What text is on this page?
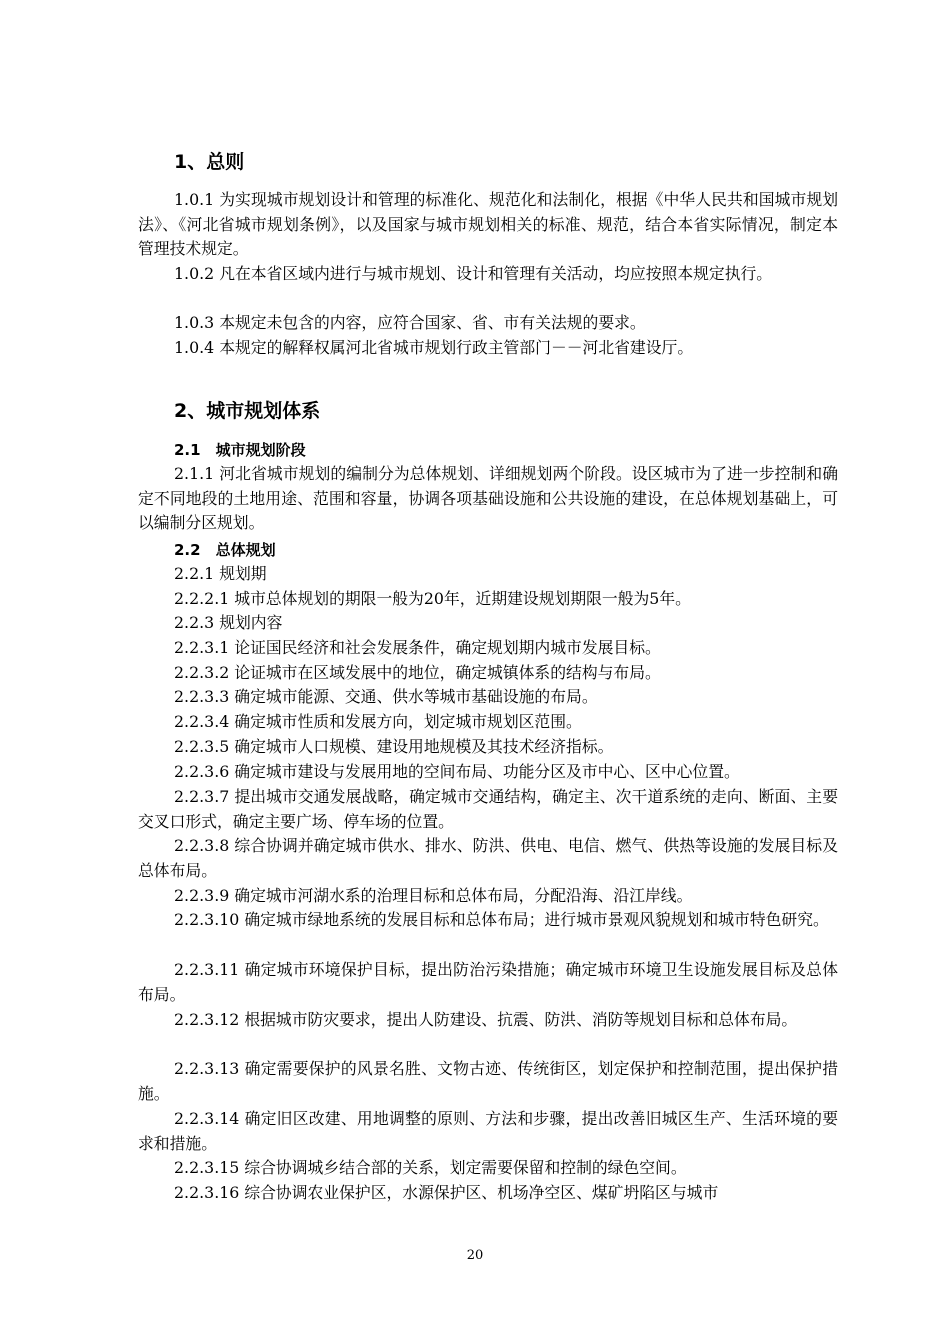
1、总则

1.0.1 为实现城市规划设计和管理的标准化、规范化和法制化，根据《中华人民共和国城市规划法》、《河北省城市规划条例》，以及国家与城市规划相关的标准、规范，结合本省实际情况，制定本管理技术规定。

1.0.2 凡在本省区域内进行与城市规划、设计和管理有关活动，均应按照本规定执行。

1.0.3 本规定未包含的内容，应符合国家、省、市有关法规的要求。

1.0.4 本规定的解释权属河北省城市规划行政主管部门－－河北省建设厅。

2、城市规划体系
2.1　城市规划阶段

2.1.1 河北省城市规划的编制分为总体规划、详细规划两个阶段。设区城市为了进一步控制和确定不同地段的土地用途、范围和容量，协调各项基础设施和公共设施的建设，在总体规划基础上，可以编制分区规划。

2.2　总体规划

2.2.1 规划期

2.2.2.1 城市总体规划的期限一般为20年，近期建设规划期限一般为5年。

2.2.3 规划内容

2.2.3.1 论证国民经济和社会发展条件，确定规划期内城市发展目标。

2.2.3.2 论证城市在区域发展中的地位，确定城镇体系的结构与布局。

2.2.3.3 确定城市能源、交通、供水等城市基础设施的布局。

2.2.3.4 确定城市性质和发展方向，划定城市规划区范围。

2.2.3.5 确定城市人口规模、建设用地规模及其技术经济指标。

2.2.3.6 确定城市建设与发展用地的空间布局、功能分区及市中心、区中心位置。

2.2.3.7 提出城市交通发展战略，确定城市交通结构，确定主、次干道系统的走向、断面、主要交叉口形式，确定主要广场、停车场的位置。

2.2.3.8 综合协调并确定城市供水、排水、防洪、供电、电信、燃气、供热等设施的发展目标及总体布局。

2.2.3.9 确定城市河湖水系的治理目标和总体布局，分配沿海、沿江岸线。

2.2.3.10 确定城市绿地系统的发展目标和总体布局；进行城市景观风貌规划和城市特色研究。

2.2.3.11 确定城市环境保护目标，提出防治污染措施；确定城市环境卫生设施发展目标及总体布局。

2.2.3.12 根据城市防灾要求，提出人防建设、抗震、防洪、消防等规划目标和总体布局。

2.2.3.13 确定需要保护的风景名胜、文物古迹、传统街区，划定保护和控制范围，提出保护措施。

2.2.3.14 确定旧区改建、用地调整的原则、方法和步骤，提出改善旧城区生产、生活环境的要求和措施。

2.2.3.15 综合协调城乡结合部的关系，划定需要保留和控制的绿色空间。

2.2.3.16 综合协调农业保护区，水源保护区、机场净空区、煤矿坍陷区与城市

20
